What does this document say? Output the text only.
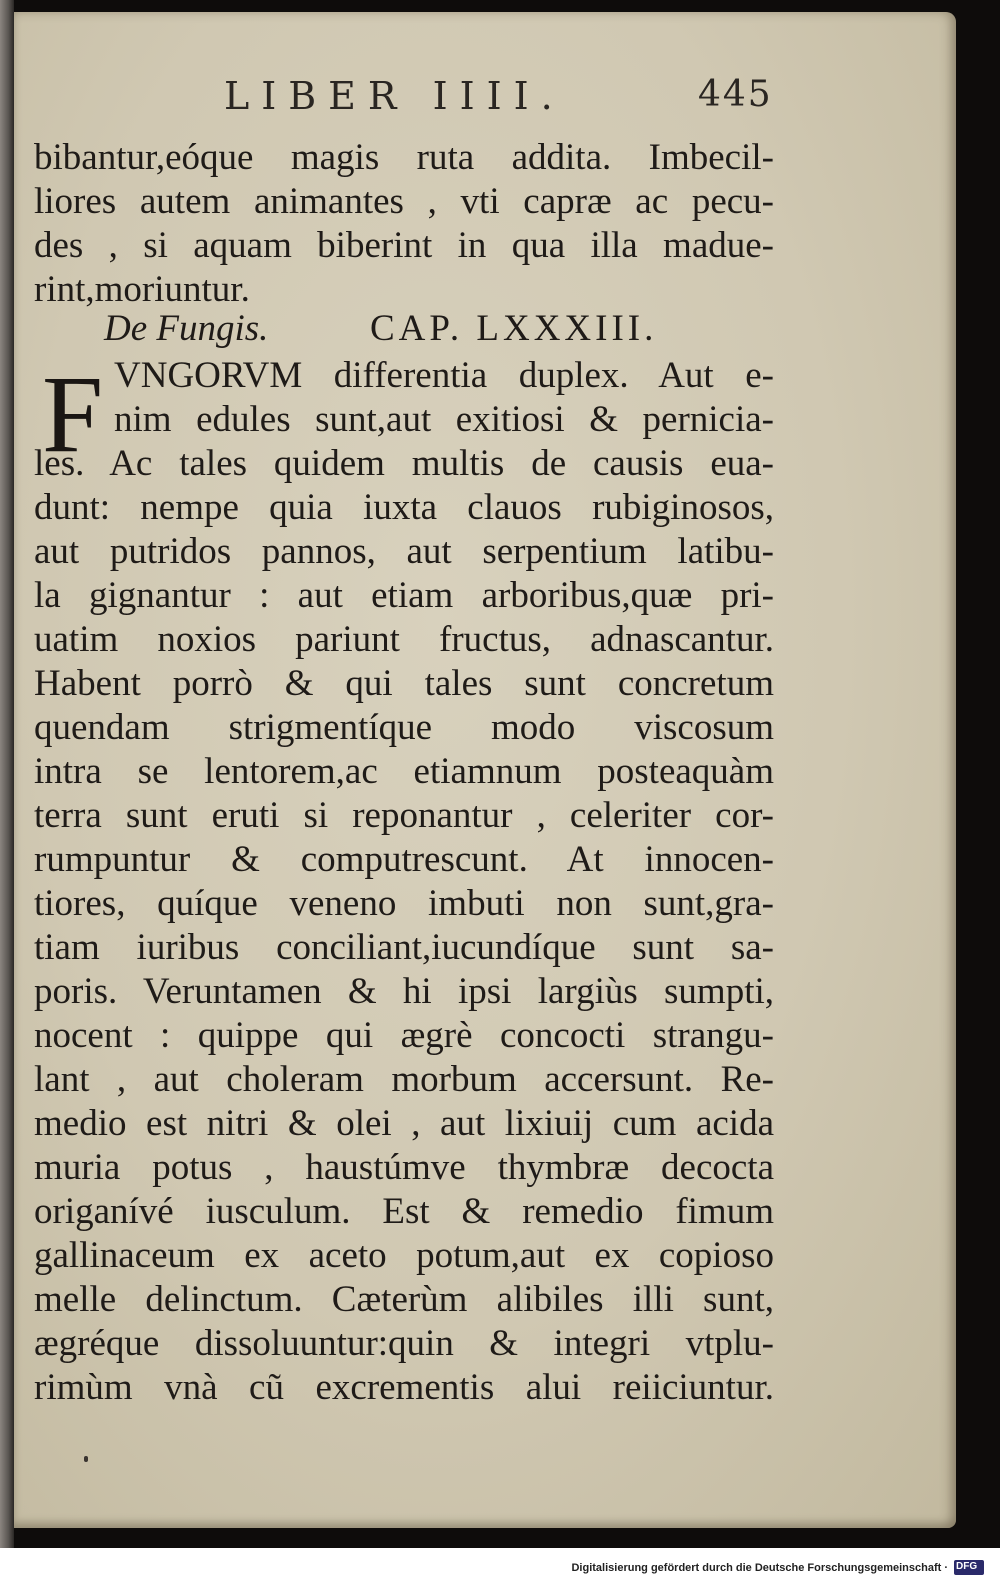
LIBER IIII.	445
bibantur,eóque magis ruta addita. Imbecil-
liores autem animantes , vti capræ ac pecu-
des , si aquam biberint in qua illa madue-
rint,moriuntur.
De Fungis.	CAP. LXXXIII.
F VNGORVM differentia duplex. Aut e-
nim edules sunt,aut exitiosi & pernicia-
les. Ac tales quidem multis de causis eua-
dunt: nempe quia iuxta clauos rubiginosos,
aut putridos pannos, aut serpentium latibu-
la gignantur : aut etiam arboribus,quæ pri-
uatim noxios pariunt fructus, adnascantur.
Habent porrò & qui tales sunt concretum
quendam strigmentíque modo viscosum
intra se lentorem,ac etiamnum posteaquàm
terra sunt eruti si reponantur , celeriter cor-
rumpuntur & computrescunt. At innocen-
tiores, quíque veneno imbuti non sunt,gra-
tiam iuribus conciliant,iucundíque sunt sa-
poris. Veruntamen & hi ipsi largiùs sumpti,
nocent : quippe qui ægrè concocti strangu-
lant , aut choleram morbum accersunt. Re-
medio est nitri & olei , aut lixiuij cum acida
muria potus , haustúmve thymbræ decocta
origanívé iusculum. Est & remedio fimum
gallinaceum ex aceto potum,aut ex copioso
melle delinctum. Cæterùm alibiles illi sunt,
ægréque dissoluuntur:quin & integri vtplu-
rimùm vnà cũ excrementis alui reiiciuntur.
Digitalisierung gefördert durch die Deutsche Forschungsgemeinschaft · DFG
